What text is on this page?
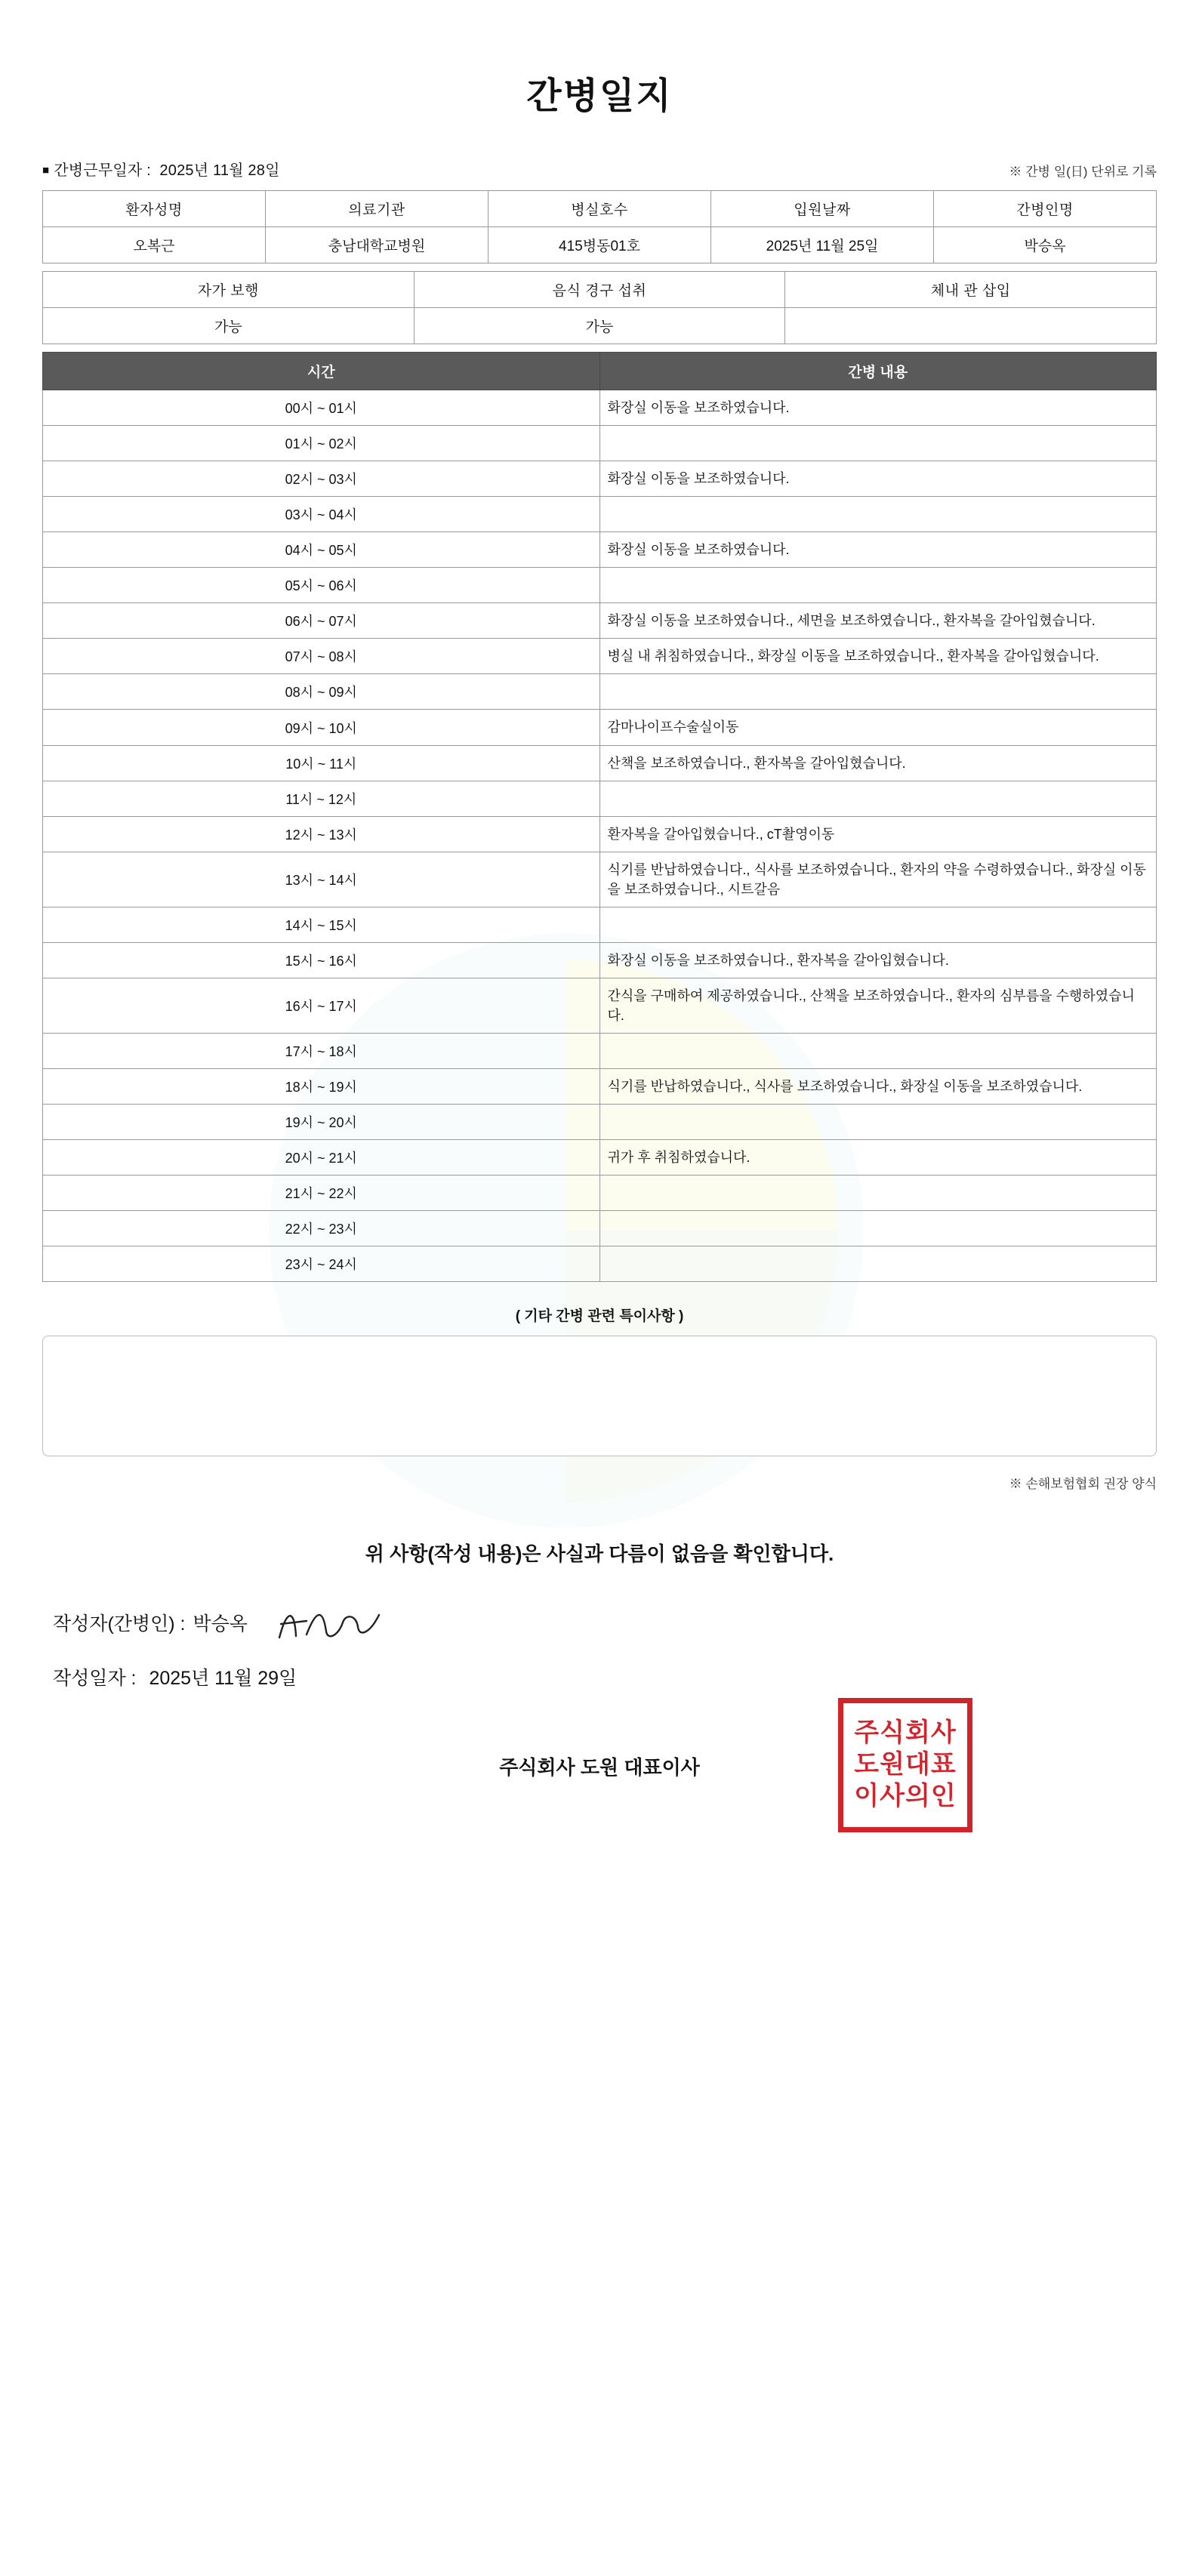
간병일지
■ 간병근무일자 : 2025년 11월 28일	※ 간병 일(日) 단위로 기록
환자성명	의료기관	병실호수	입원날짜	간병인명
오복근	충남대학교병원	415병동01호	2025년 11월 25일	박승옥
자가 보행	음식 경구 섭취	체내 관 삽입
가능	가능	
시간	간병 내용
00시 ~ 01시	화장실 이동을 보조하였습니다.
01시 ~ 02시	
02시 ~ 03시	화장실 이동을 보조하였습니다.
03시 ~ 04시	
04시 ~ 05시	화장실 이동을 보조하였습니다.
05시 ~ 06시	
06시 ~ 07시	화장실 이동을 보조하였습니다., 세면을 보조하였습니다., 환자복을 갈아입혔습니다.
07시 ~ 08시	병실 내 취침하였습니다., 화장실 이동을 보조하였습니다., 환자복을 갈아입혔습니다.
08시 ~ 09시	
09시 ~ 10시	감마나이프수술실이동
10시 ~ 11시	산책을 보조하였습니다., 환자복을 갈아입혔습니다.
11시 ~ 12시	
12시 ~ 13시	환자복을 갈아입혔습니다., cT촬영이동
13시 ~ 14시	식기를 반납하였습니다., 식사를 보조하였습니다., 환자의 약을 수령하였습니다., 화장실 이동을 보조하였습니다., 시트갈음
14시 ~ 15시	
15시 ~ 16시	화장실 이동을 보조하였습니다., 환자복을 갈아입혔습니다.
16시 ~ 17시	간식을 구매하여 제공하였습니다., 산책을 보조하였습니다., 환자의 심부름을 수행하였습니다.
17시 ~ 18시	
18시 ~ 19시	식기를 반납하였습니다., 식사를 보조하였습니다., 화장실 이동을 보조하였습니다.
19시 ~ 20시	
20시 ~ 21시	귀가 후 취침하였습니다.
21시 ~ 22시	
22시 ~ 23시	
23시 ~ 24시	
( 기타 간병 관련 특이사항 )
※ 손해보험협회 권장 양식
위 사항(작성 내용)은 사실과 다름이 없음을 확인합니다.
작성자(간병인) : 박승옥
작성일자 :
2025년 11월 29일
주식회사 도원 대표이사
주식회사 도원대표 이사의인
